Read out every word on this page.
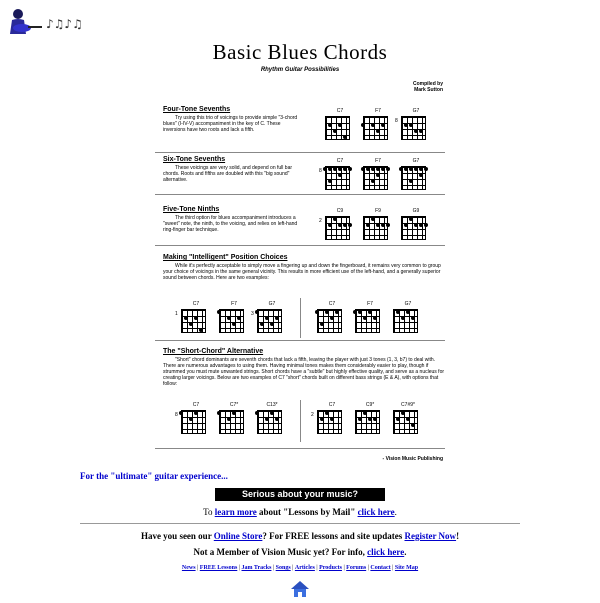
♪♫♪♫
Basic Blues Chords
Rhythm Guitar Possibilities
Compiled by
Mark Sutton
Four-Tone Sevenths
Try using this trio of voicings to provide simple "3-chord blues" (I-IV-V) accompaniment in the key of C. These inversions have two roots and lack a fifth.
C7	F7	G7
8
Six-Tone Sevenths
These voicings are very solid, and depend on full bar chords. Roots and fifths are doubled with this "big sound" alternative.
C7
8
F7	G7
Five-Tone Ninths
The third option for blues accompaniment introduces a "sweet" note, the ninth, to the voicing, and relies on left-hand ring-finger bar technique.
C9
2
F9	G9
Making "Intelligent" Position Choices
While it's perfectly acceptable to simply move a fingering up and down the fingerboard, it remains very common to group your choice of voicings in the same general vicinity. This results in more efficient use of the left-hand, and a generally superior sound between chords. Here are two examples:
C7
1
F7	G7
3
C7	F7	G7
The "Short-Chord" Alternative
"Short" chord dominants are seventh chords that lack a fifth, leaving the player with just 3 tones (1, 3, b7) to deal with. There are numerous advantages to using them. Having minimal tones makes them considerably easier to play, though if strummed you must mute unwanted strings. Short chords have a "subtle" but highly effective quality, and serve as a nucleus for creating larger voicings. Below are two examples of C7 "short" chords built on different bass strings (E & A), with options that follow:
C7
8
C7*	C13*	C7
2
C9*	C7#9*
- Vision Music Publishing
For the "ultimate" guitar experience...
Serious about your music?
To learn more about "Lessons by Mail" click here.
Have you seen our Online Store? For FREE lessons and site updates Register Now!
Not a Member of Vision Music yet? For info, click here.
News | FREE Lessons | Jam Tracks | Songs | Articles | Products | Forums | Contact | Site Map
